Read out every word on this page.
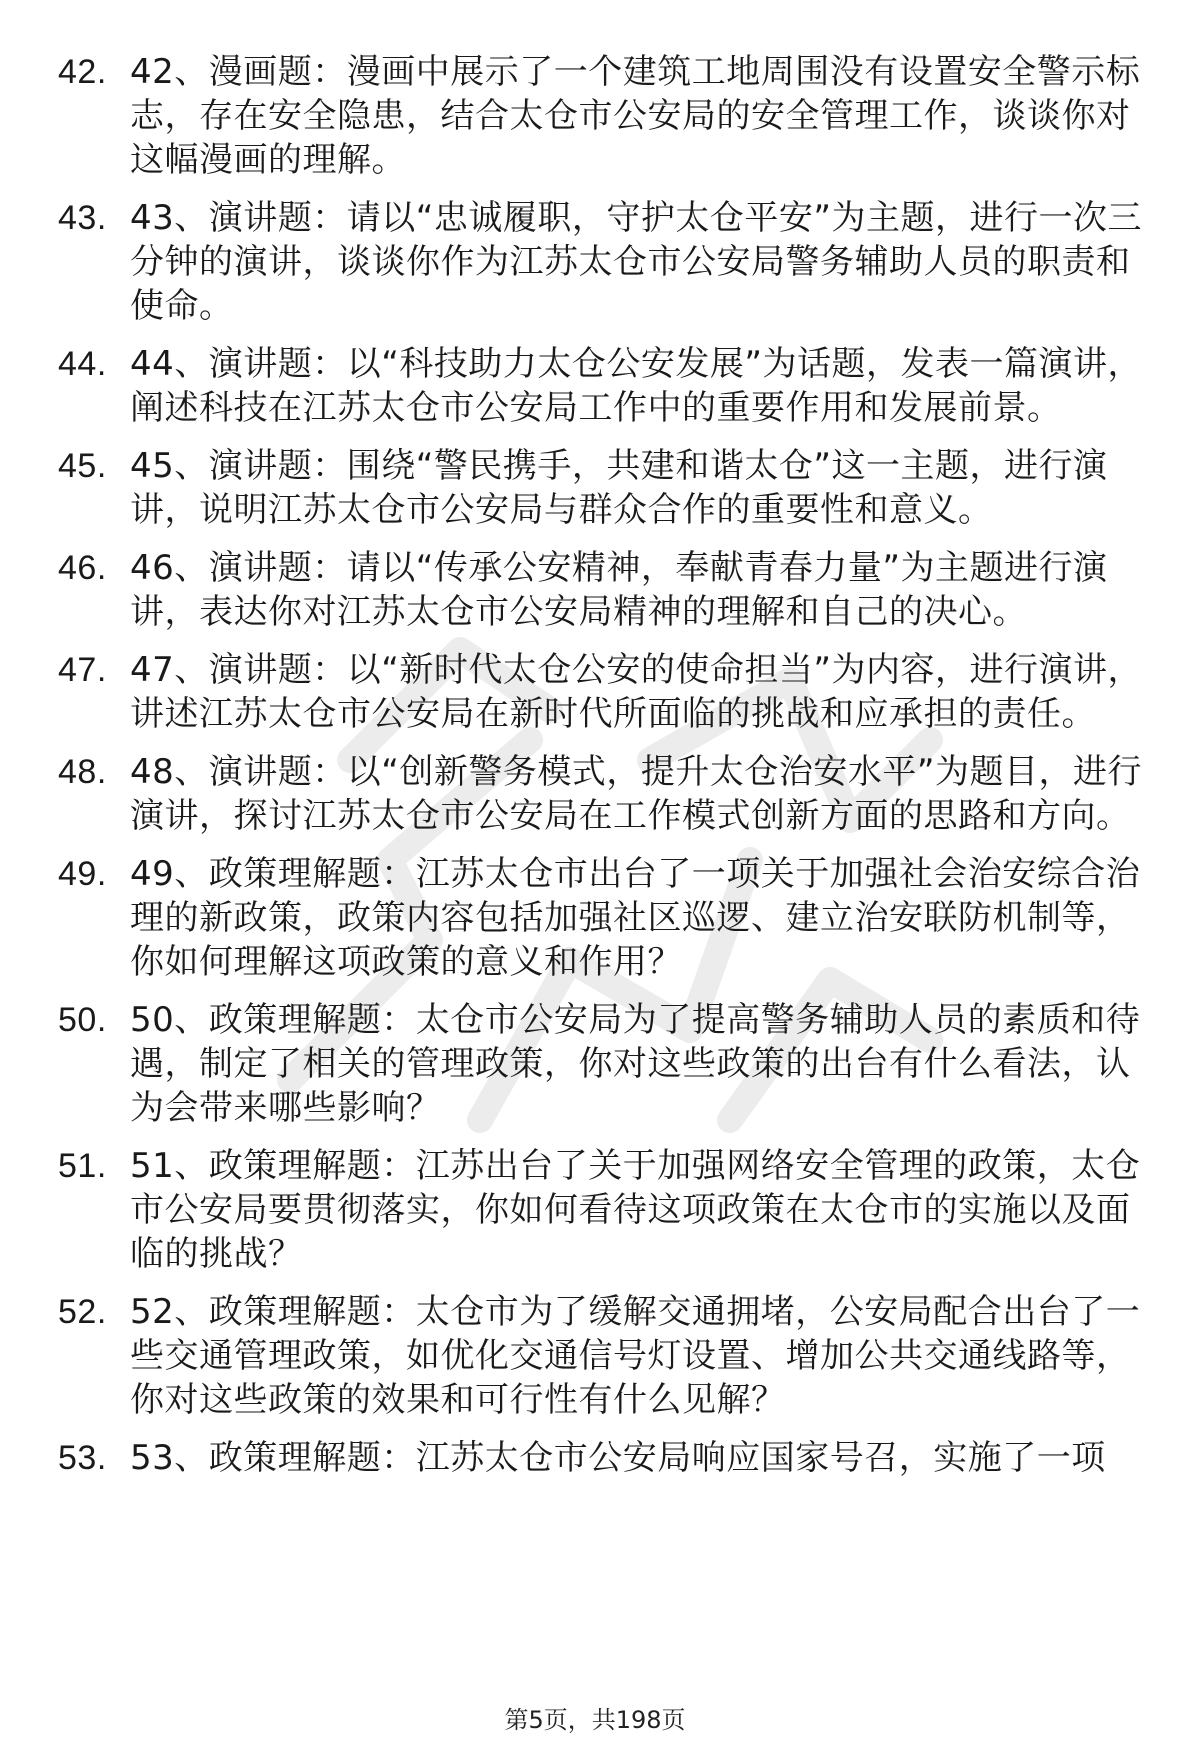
42. 42、漫画题：漫画中展示了一个建筑工地周围没有设置安全警示标志，存在安全隐患，结合太仓市公安局的安全管理工作，谈谈你对这幅漫画的理解。
43. 43、演讲题：请以“忠诚履职，守护太仓平安”为主题，进行一次三分钟的演讲，谈谈你作为江苏太仓市公安局警务辅助人员的职责和使命。
44. 44、演讲题：以“科技助力太仓公安发展”为话题，发表一篇演讲，阐述科技在江苏太仓市公安局工作中的重要作用和发展前景。
45. 45、演讲题：围绕“警民携手，共建和谐太仓”这一主题，进行演讲，说明江苏太仓市公安局与群众合作的重要性和意义。
46. 46、演讲题：请以“传承公安精神，奉献青春力量”为主题进行演讲，表达你对江苏太仓市公安局精神的理解和自己的决心。
47. 47、演讲题：以“新时代太仓公安的使命担当”为内容，进行演讲，讲述江苏太仓市公安局在新时代所面临的挑战和应承担的责任。
48. 48、演讲题：以“创新警务模式，提升太仓治安水平”为题目，进行演讲，探讨江苏太仓市公安局在工作模式创新方面的思路和方向。
49. 49、政策理解题：江苏太仓市出台了一项关于加强社会治安综合治理的新政策，政策内容包括加强社区巡逻、建立治安联防机制等，你如何理解这项政策的意义和作用？
50. 50、政策理解题：太仓市公安局为了提高警务辅助人员的素质和待遇，制定了相关的管理政策，你对这些政策的出台有什么看法，认为会带来哪些影响？
51. 51、政策理解题：江苏出台了关于加强网络安全管理的政策，太仓市公安局要贯彻落实，你如何看待这项政策在太仓市的实施以及面临的挑战？
52. 52、政策理解题：太仓市为了缓解交通拥堵，公安局配合出台了一些交通管理政策，如优化交通信号灯设置、增加公共交通线路等，你对这些政策的效果和可行性有什么见解？
53. 53、政策理解题：江苏太仓市公安局响应国家号召，实施了一项
第5页，共198页
